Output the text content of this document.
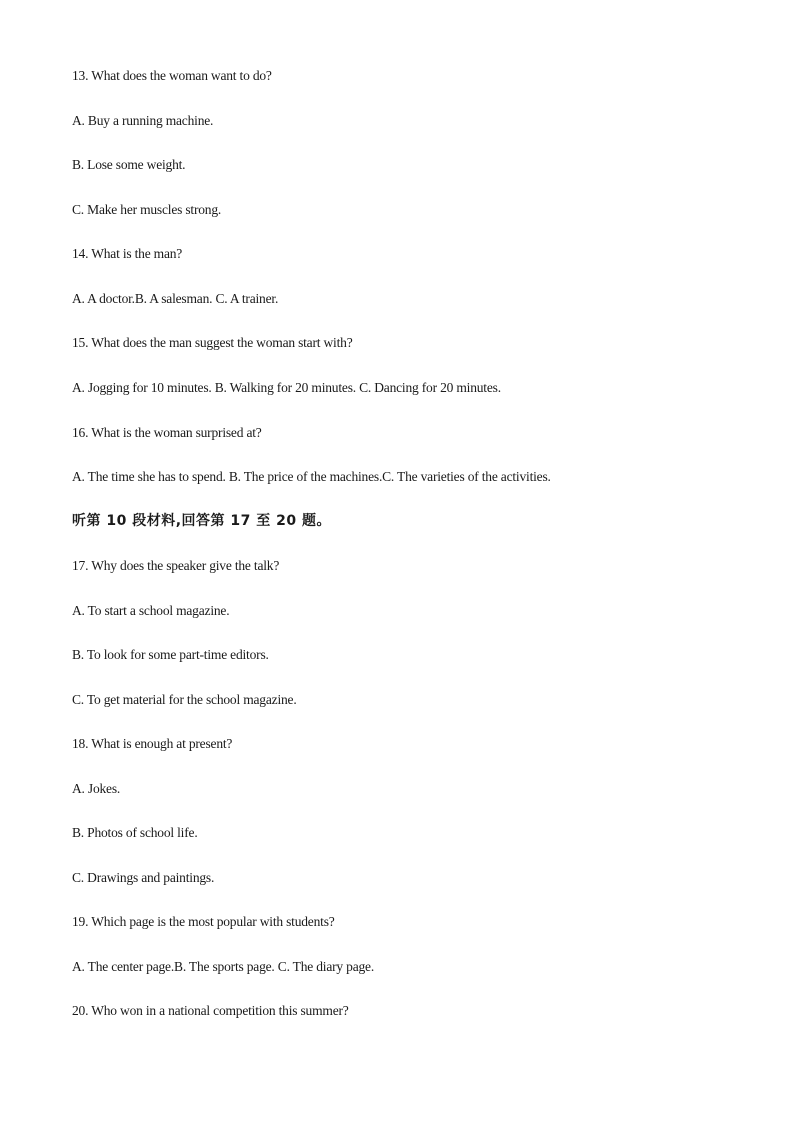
13. What does the woman want to do?
A. Buy a running machine.
B. Lose some weight.
C. Make her muscles strong.
14. What is the man?
A. A doctor.B. A salesman. C. A trainer.
15. What does the man suggest the woman start with?
A. Jogging for 10 minutes. B. Walking for 20 minutes. C. Dancing for 20 minutes.
16. What is the woman surprised at?
A. The time she has to spend. B. The price of the machines.C. The varieties of the activities.
听第 10 段材料,回答第 17 至 20 题。
17. Why does the speaker give the talk?
A. To start a school magazine.
B. To look for some part-time editors.
C. To get material for the school magazine.
18. What is enough at present?
A. Jokes.
B. Photos of school life.
C. Drawings and paintings.
19. Which page is the most popular with students?
A. The center page.B. The sports page. C. The diary page.
20. Who won in a national competition this summer?
